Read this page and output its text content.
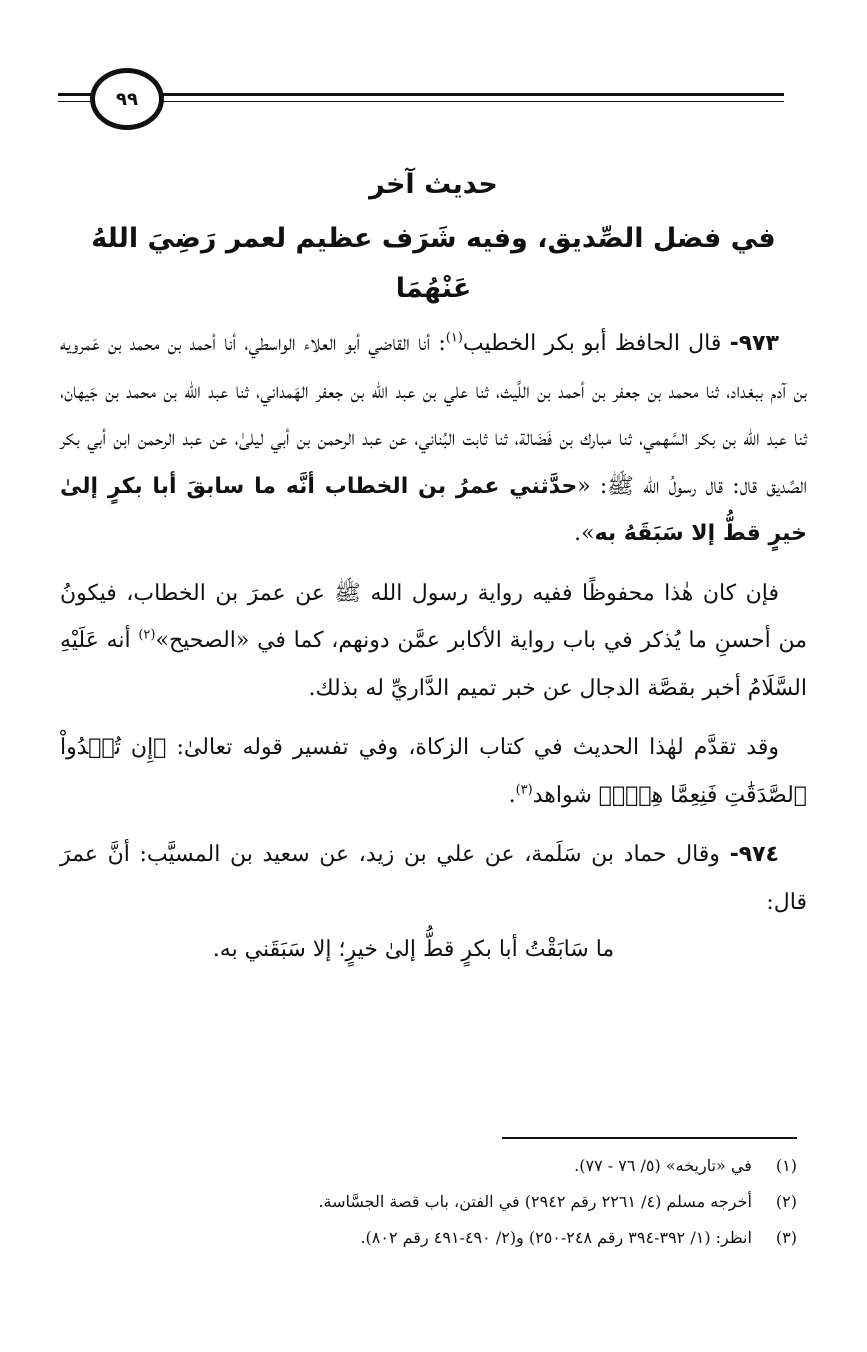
٩٩

حديث آخر

في فضل الصِّديق، وفيه شَرَف عظيم لعمر رَضِيَ اللهُ عَنْهُمَا

٩٧٣- قال الحافظ أبو بكر الخطيب$^{(١)}$: أنا القاضي أبو العلاء الواسطي، أنا أحمد بن محمد بن عَمرويه بن آدم ببغداد، ثنا محمد بن جعفر بن أحمد بن اللَّيث، ثنا علي بن عبد الله بن جعفر الهَمداني، ثنا عبد الله بن محمد بن جَيهان، ثنا عبد الله بن بكر السَّهمي، ثنا مبارك بن فَضَالة، ثنا ثابت البُناني، عن عبد الرحمن بن أبي ليلىٰ، عن عبد الرحمن ابن أبي بكر الصِّديق قال: قال رسولُ الله ﷺ: «حدَّثني عمرُ بن الخطاب أنَّه ما سابقَ أبا بكرٍ إلىٰ خيرٍ قطُّ إلا سَبَقَهُ به».

فإن كان هٰذا محفوظًا ففيه رواية رسول الله ﷺ عن عمرَ بن الخطاب، فيكونُ من أحسنِ ما يُذكر في باب رواية الأكابر عمَّن دونهم، كما في «الصحيح»$^{(٢)}$ أنه عَلَيْهِ السَّلَامُ أخبر بقصَّة الدجال عن خبر تميم الدَّاريِّ له بذلك.

وقد تقدَّم لهٰذا الحديث في كتاب الزكاة، وفي تفسير قوله تعالىٰ: ﴿إِن تُبۡدُواْ ٱلصَّدَقَٰتِ فَنِعِمَّا هِيَۖ﴾ شواهد$^{(٣)}$.

٩٧٤- وقال حماد بن سَلَمة، عن علي بن زيد، عن سعيد بن المسيَّب: أنَّ عمرَ قال:

ما سَابَقْتُ أبا بكرٍ قطُّ إلىٰ خيرٍ؛ إلا سَبَقَني به.

(١) في «تاريخه» (٥/ ٧٦ - ٧٧).

(٢) أخرجه مسلم (٤/ ٢٢٦١ رقم ٢٩٤٢) في الفتن، باب قصة الجسَّاسة.

(٣) انظر: (١/ ٣٩٢-٣٩٤ رقم ٢٤٨-٢٥٠) و(٢/ ٤٩٠-٤٩١ رقم ٨٠٢).
